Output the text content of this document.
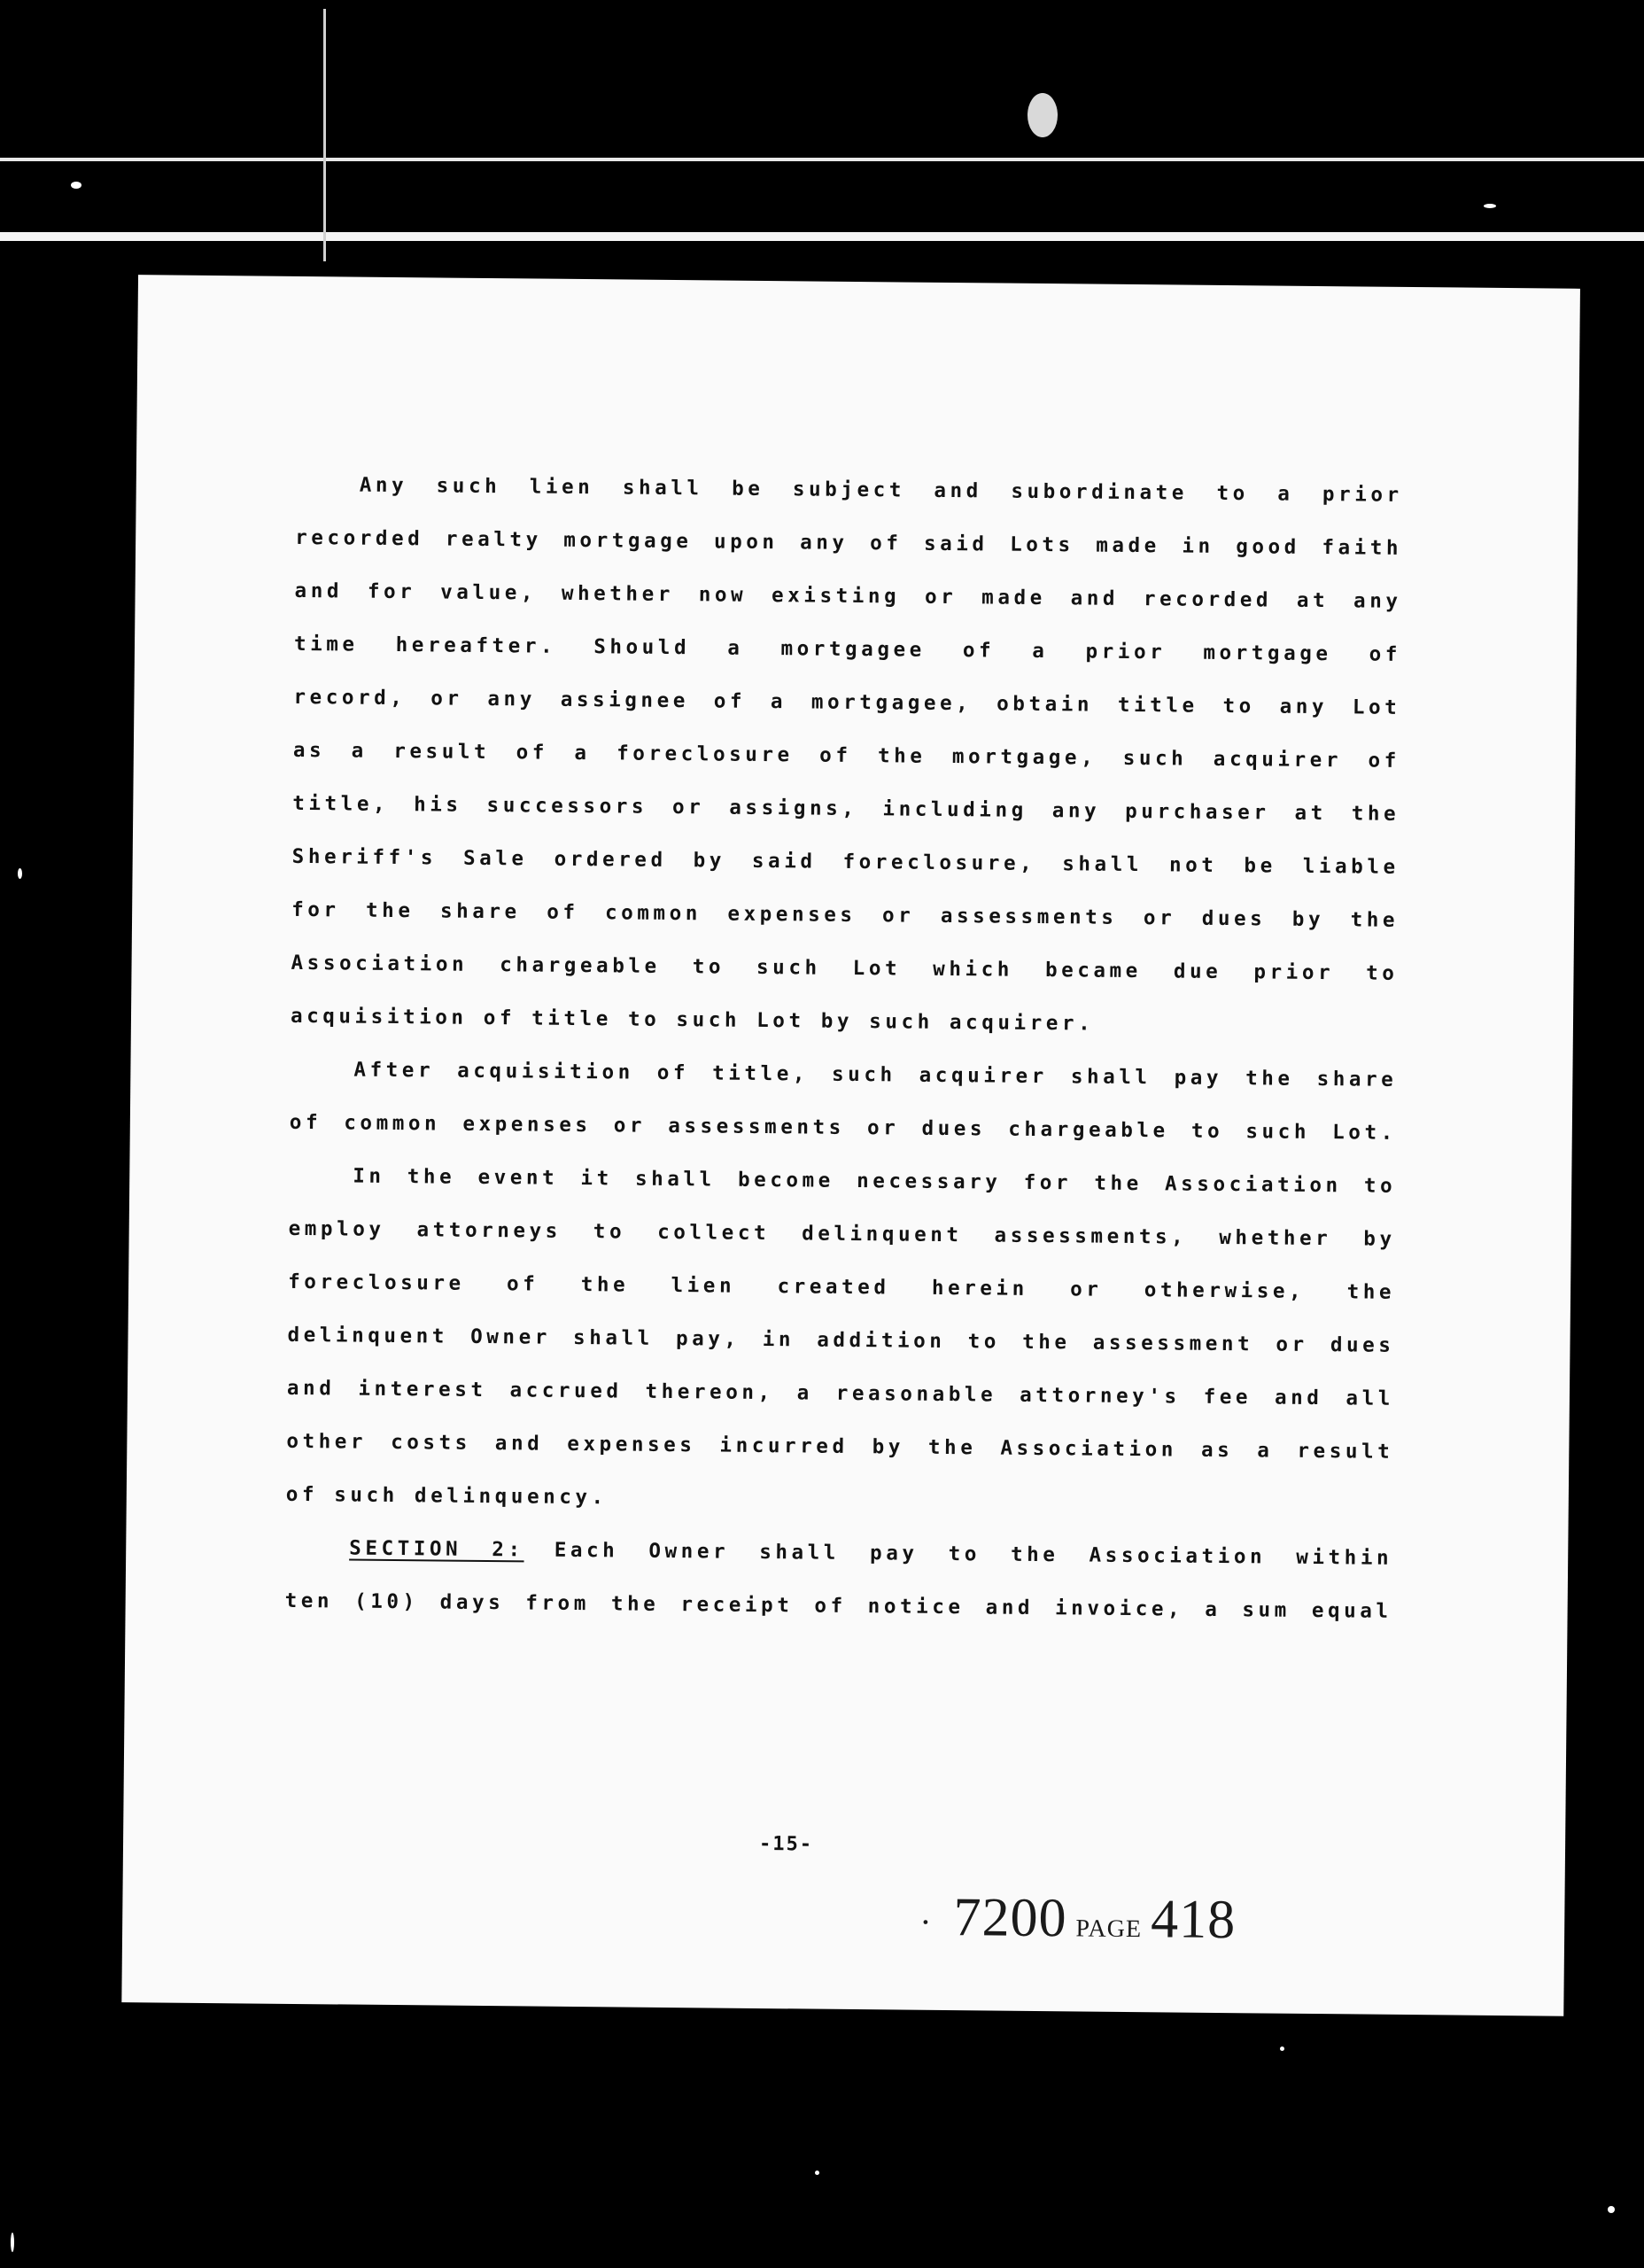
Any such lien shall be subject and subordinate to a prior
recorded realty mortgage upon any of said Lots made in good faith
and for value, whether now existing or made and recorded at any
time hereafter. Should a mortgagee of a prior mortgage of
record, or any assignee of a mortgagee, obtain title to any Lot
as a result of a foreclosure of the mortgage, such acquirer of
title, his successors or assigns, including any purchaser at the
Sheriff's Sale ordered by said foreclosure, shall not be liable
for the share of common expenses or assessments or dues by the
Association chargeable to such Lot which became due prior to
acquisition of title to such Lot by such acquirer.
After acquisition of title, such acquirer shall pay the share
of common expenses or assessments or dues chargeable to such Lot.
In the event it shall become necessary for the Association to
employ attorneys to collect delinquent assessments, whether by
foreclosure of the lien created herein or otherwise, the
delinquent Owner shall pay, in addition to the assessment or dues
and interest accrued thereon, a reasonable attorney's fee and all
other costs and expenses incurred by the Association as a result
of such delinquency.
SECTION 2: Each Owner shall pay to the Association within
ten (10) days from the receipt of notice and invoice, a sum equal
-15-
· 7200 PAGE 418
